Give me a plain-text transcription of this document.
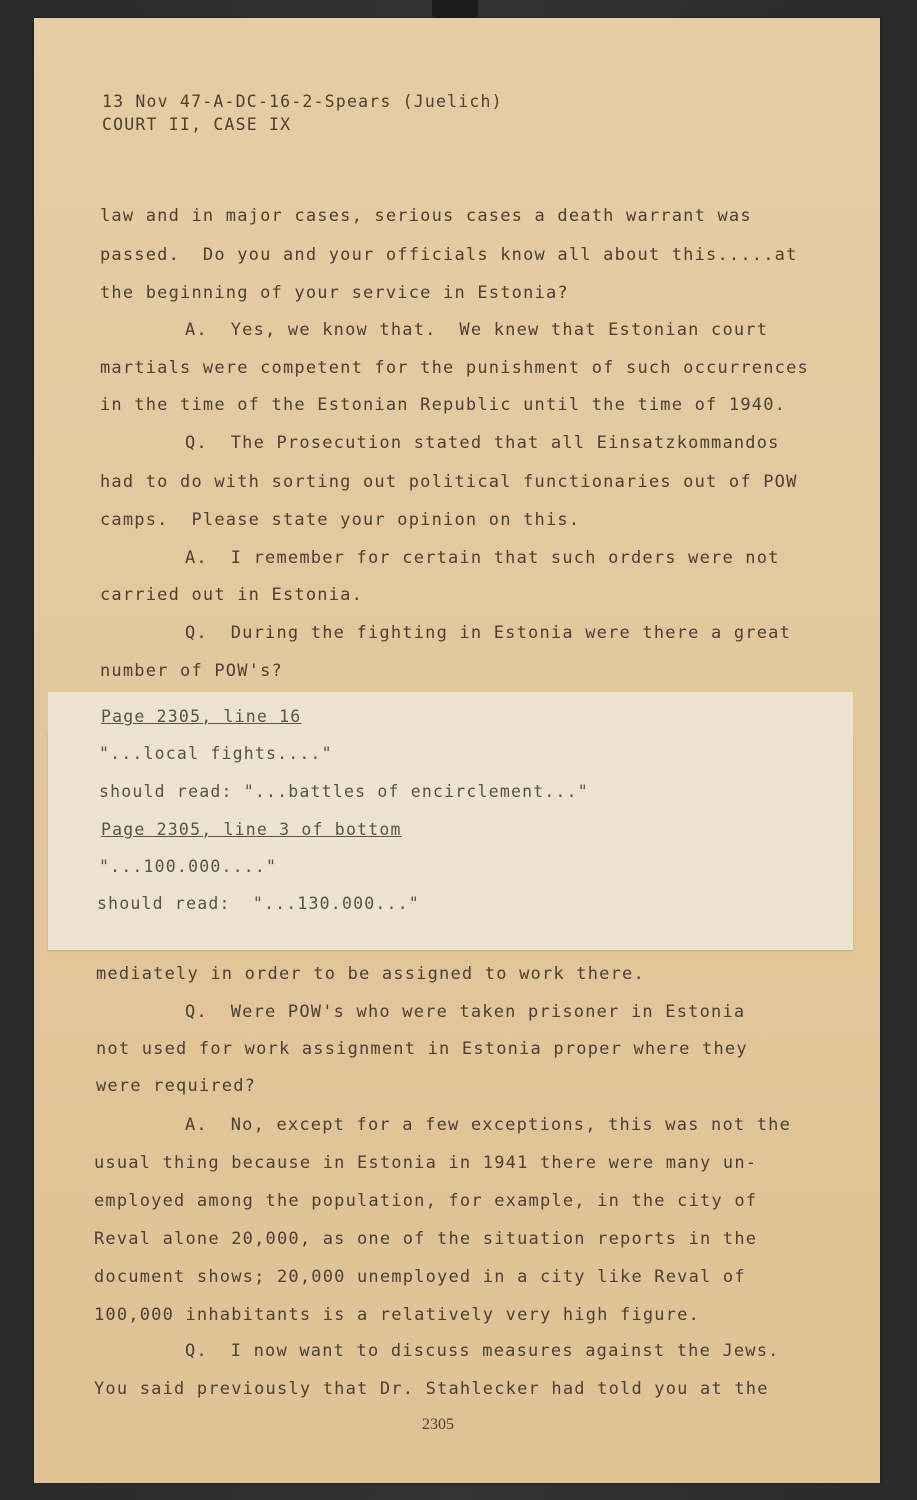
13 Nov 47-A-DC-16-2-Spears (Juelich)
COURT II, CASE IX
law and in major cases, serious cases a death warrant was
passed.  Do you and your officials know all about this.....at
the beginning of your service in Estonia?
A.  Yes, we know that.  We knew that Estonian court
martials were competent for the punishment of such occurrences
in the time of the Estonian Republic until the time of 1940.
Q.  The Prosecution stated that all Einsatzkommandos
had to do with sorting out political functionaries out of POW
camps.  Please state your opinion on this.
A.  I remember for certain that such orders were not
carried out in Estonia.
Q.  During the fighting in Estonia were there a great
number of POW's?
mediately in order to be assigned to work there.
Q.  Were POW's who were taken prisoner in Estonia
not used for work assignment in Estonia proper where they
were required?
A.  No, except for a few exceptions, this was not the
usual thing because in Estonia in 1941 there were many un-
employed among the population, for example, in the city of
Reval alone 20,000, as one of the situation reports in the
document shows; 20,000 unemployed in a city like Reval of
100,000 inhabitants is a relatively very high figure.
Q.  I now want to discuss measures against the Jews.
You said previously that Dr. Stahlecker had told you at the
2305
Page 2305, line 16
"...local fights...."
should read: "...battles of encirclement..."
Page 2305, line 3 of bottom
"...100.000...."
should read:  "...130.000..."
